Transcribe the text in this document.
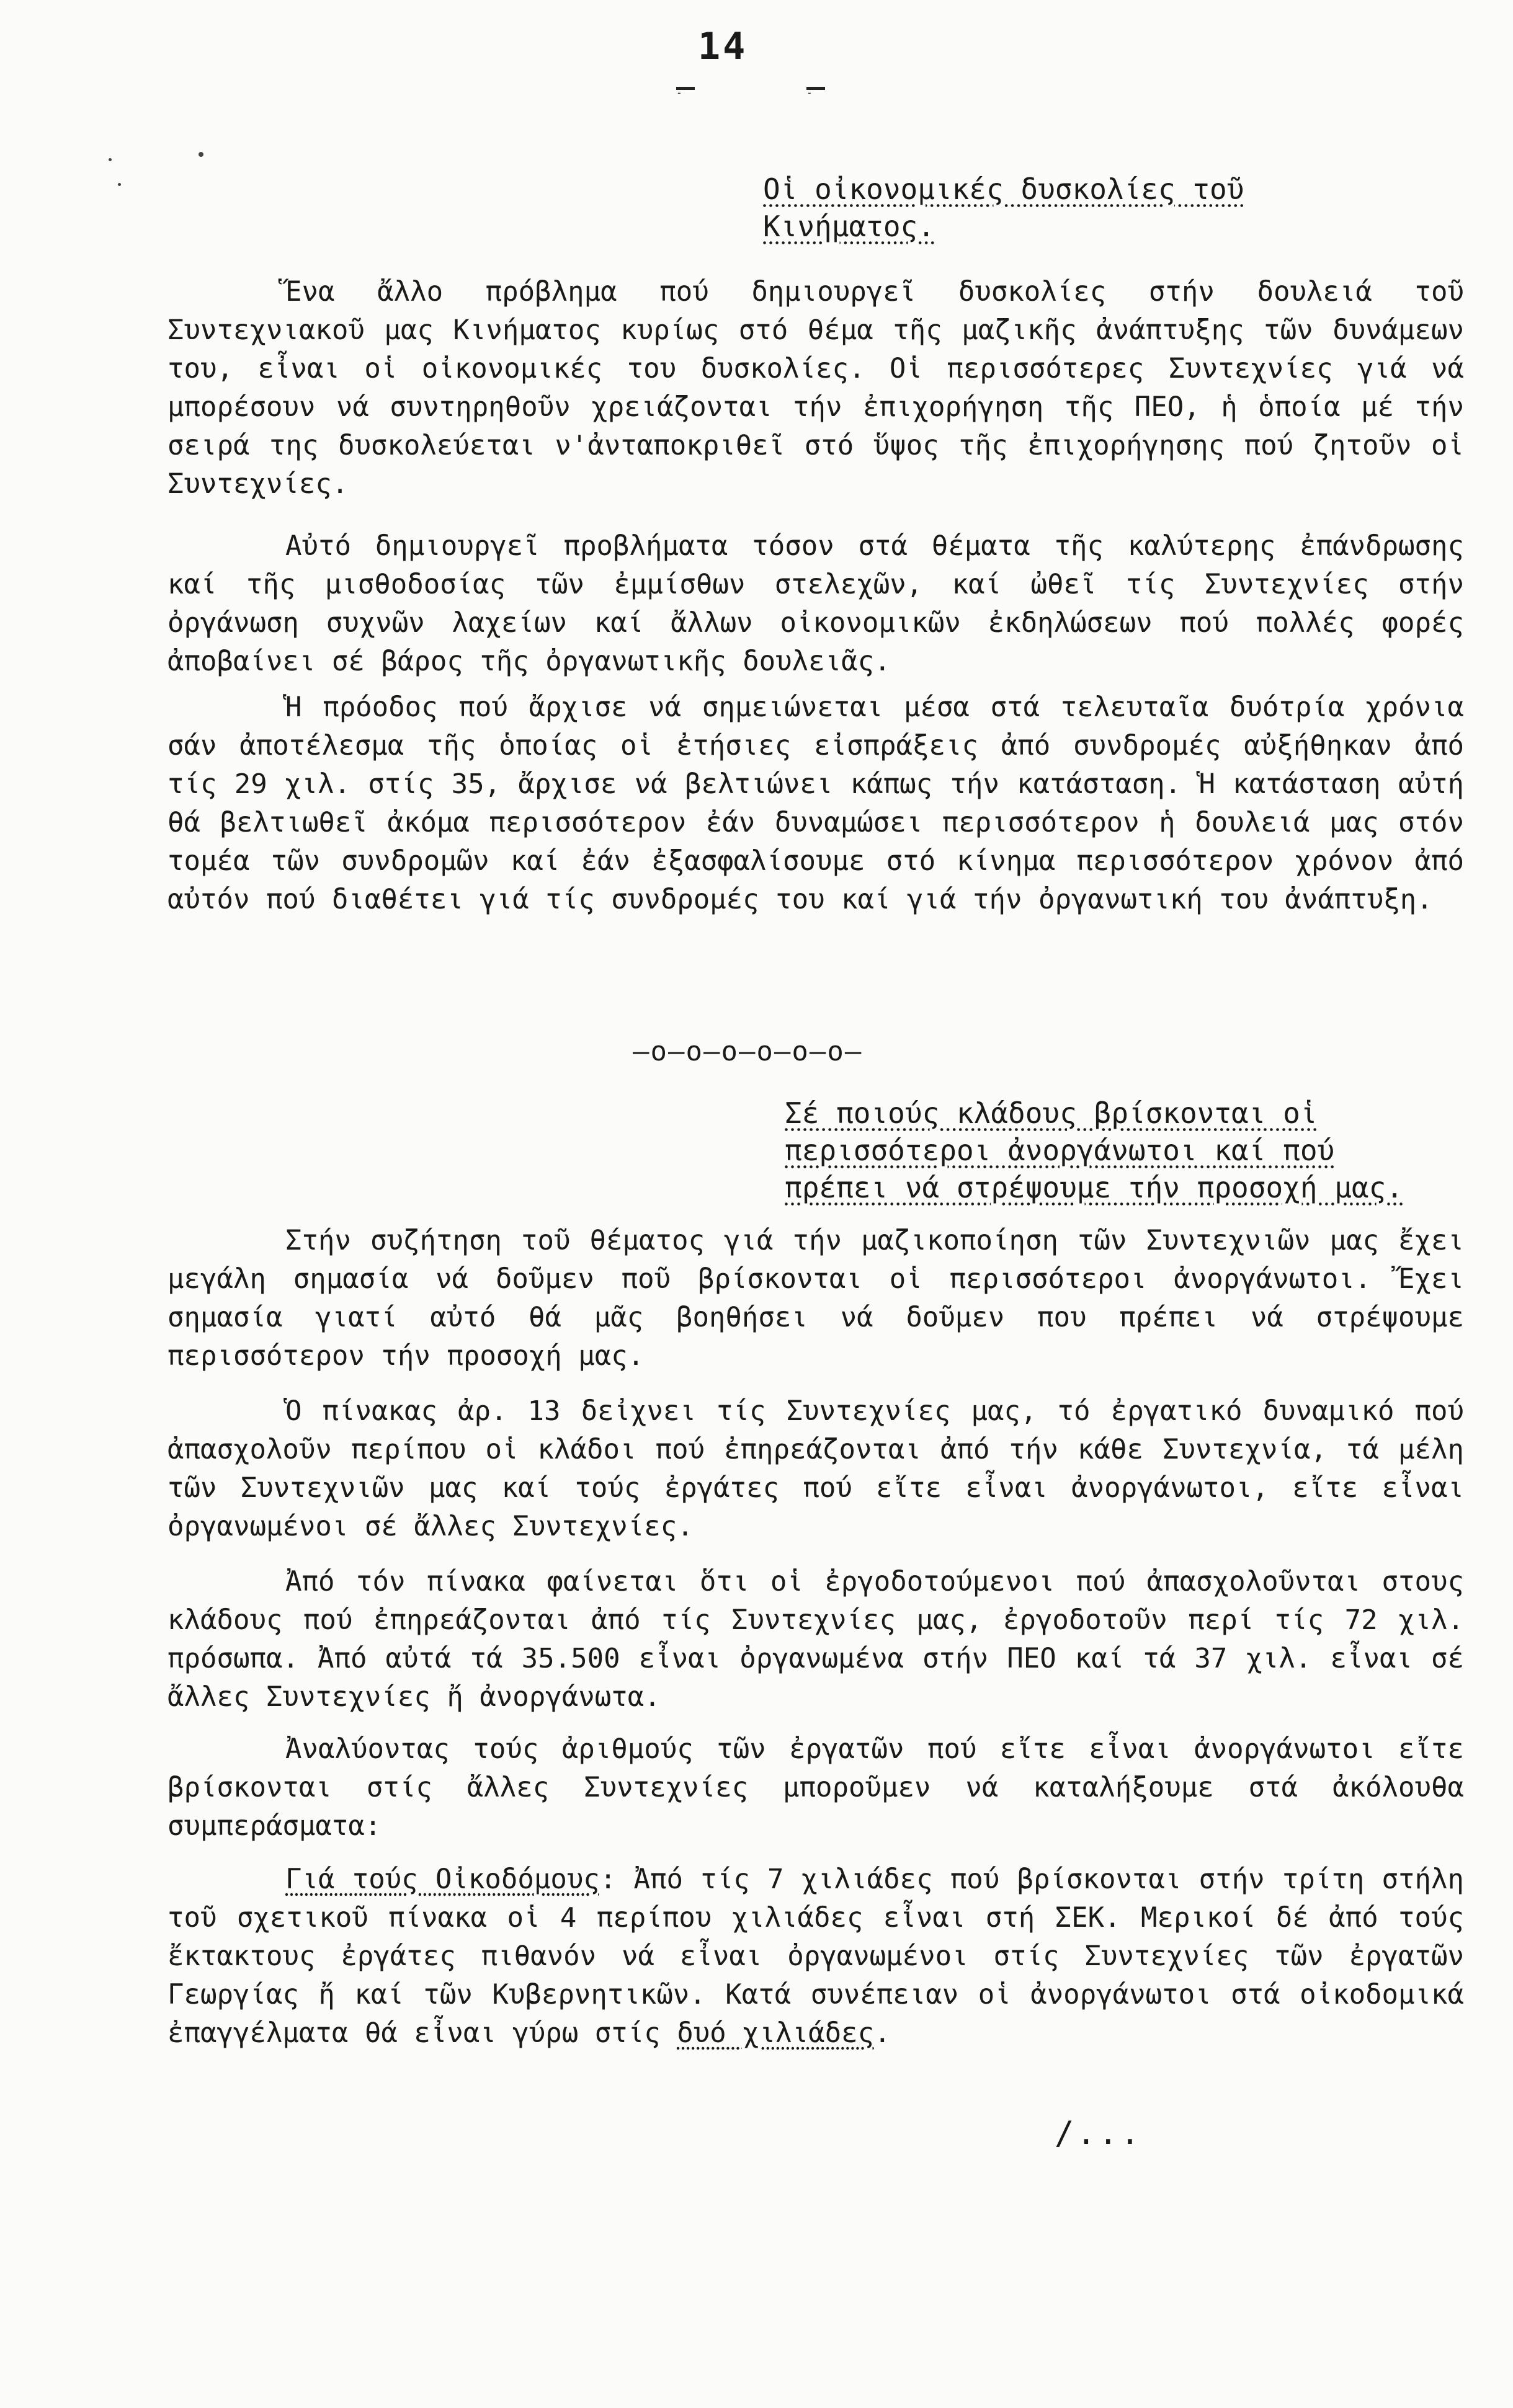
14
-	-
Οἱ οἰκονομικές δυσκολίες τοῦ
Κινήματος.
Ἕνα ἄλλο πρόβλημα πού δημιουργεῖ δυσκολίες στήν δουλειά τοῦ Συντεχνιακοῦ μας Κινήματος κυρίως στό θέμα τῆς μαζικῆς ἀνάπτυξης τῶν δυνάμεων του, εἶναι οἱ οἰκονομικές του δυσκολίες. Οἱ περισσότερες Συντεχνίες γιά νά μπορέσουν νά συντηρηθοῦν χρειάζονται τήν ἐπιχορήγηση τῆς ΠΕΟ, ἡ ὁποία μέ τήν σειρά της δυσκολεύεται ν'ἀνταποκριθεῖ στό ὕψος τῆς ἐπιχορήγησης πού ζητοῦν οἱ Συντεχνίες.
Αὐτό δημιουργεῖ προβλήματα τόσον στά θέματα τῆς καλύτερης ἐπάνδρωσης καί τῆς μισθοδοσίας τῶν ἐμμίσθων στελεχῶν, καί ὠθεῖ τίς Συντεχνίες στήν ὀργάνωση συχνῶν λαχείων καί ἄλλων οἰκονομικῶν ἐκδηλώσεων πού πολλές φορές ἀποβαίνει σέ βάρος τῆς ὀργανωτικῆς δουλειᾶς.
Ἡ πρόοδος πού ἄρχισε νά σημειώνεται μέσα στά τελευταῖα δυότρία χρόνια σάν ἀποτέλεσμα τῆς ὁποίας οἱ ἐτήσιες εἰσπράξεις ἀπό συνδρομές αὐξήθηκαν ἀπό τίς 29 χιλ. στίς 35, ἄρχισε νά βελτιώνει κάπως τήν κατάσταση. Ἡ κατάσταση αὐτή θά βελτιωθεῖ ἀκόμα περισσότερον ἐάν δυναμώσει περισσότερον ἡ δουλειά μας στόν τομέα τῶν συνδρομῶν καί ἐάν ἐξασφαλίσουμε στό κίνημα περισσότερον χρόνον ἀπό αὐτόν πού διαθέτει γιά τίς συνδρομές του καί γιά τήν ὀργανωτική του ἀνάπτυξη.
–o–o–o–o–o–o–
Σέ ποιούς κλάδους βρίσκονται οἱ
περισσότεροι ἀνοργάνωτοι καί πού
πρέπει νά στρέψουμε τήν προσοχή μας.
Στήν συζήτηση τοῦ θέματος γιά τήν μαζικοποίηση τῶν Συντεχνιῶν μας ἔχει μεγάλη σημασία νά δοῦμεν ποῦ βρίσκονται οἱ περισσότεροι ἀνοργάνωτοι. Ἔχει σημασία γιατί αὐτό θά μᾶς βοηθήσει νά δοῦμεν που πρέπει νά στρέψουμε περισσότερον τήν προσοχή μας.
Ὁ πίνακας ἀρ. 13 δεἰχνει τίς Συντεχνίες μας, τό ἐργατικό δυναμικό πού ἀπασχολοῦν περίπου οἱ κλάδοι πού ἐπηρεάζονται ἀπό τήν κάθε Συντεχνία, τά μέλη τῶν Συντεχνιῶν μας καί τούς ἐργάτες πού εἴτε εἶναι ἀνοργάνωτοι, εἴτε εἶναι ὀργανωμένοι σέ ἄλλες Συντεχνίες.
Ἀπό τόν πίνακα φαίνεται ὅτι οἱ ἐργοδοτούμενοι πού ἀπασχολοῦνται στους κλάδους πού ἐπηρεάζονται ἀπό τίς Συντεχνίες μας, ἐργοδοτοῦν περί τίς 72 χιλ. πρόσωπα. Ἀπό αὐτά τά 35.500 εἶναι ὀργανωμένα στήν ΠΕΟ καί τά 37 χιλ. εἶναι σέ ἄλλες Συντεχνίες ἤ ἀνοργάνωτα.
Ἀναλύοντας τούς ἀριθμούς τῶν ἐργατῶν πού εἴτε εἶναι ἀνοργάνωτοι εἴτε βρίσκονται στίς ἄλλες Συντεχνίες μποροῦμεν νά καταλήξουμε στά ἀκόλουθα συμπεράσματα:
Γιά τούς Οἰκοδόμους: Ἀπό τίς 7 χιλιάδες πού βρίσκονται στήν τρίτη στήλη τοῦ σχετικοῦ πίνακα οἱ 4 περίπου χιλιάδες εἶναι στή ΣΕΚ. Μερικοί δέ ἀπό τούς ἔκτακτους ἐργάτες πιθανόν νά εἶναι ὀργανωμένοι στίς Συντεχνίες τῶν ἐργατῶν Γεωργίας ἤ καί τῶν Κυβερνητικῶν. Κατά συνέπειαν οἱ ἀνοργάνωτοι στά οἰκοδομικά ἐπαγγέλματα θά εἶναι γύρω στίς δυό χιλιάδες.
/...
